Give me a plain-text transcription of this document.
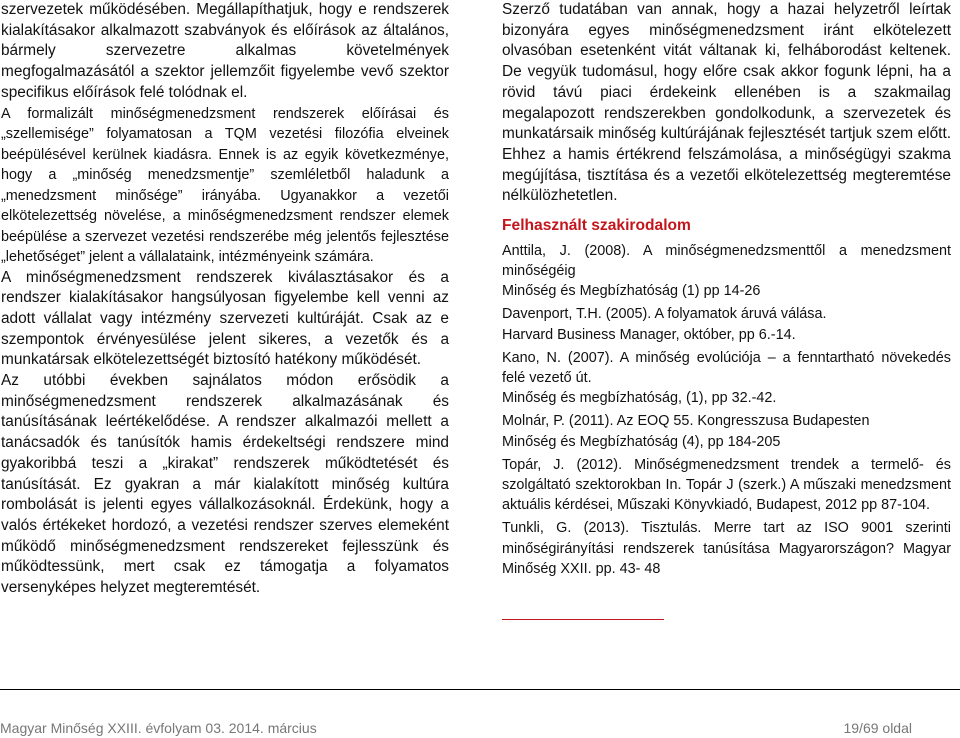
szervezetek működésében. Megállapíthatjuk, hogy e rendszerek kialakításakor alkalmazott szabványok és előírások az általános, bármely szervezetre alkalmas követelmények megfogalmazásától a szektor jellemzőit figyelembe vevő szektor specifikus előírások felé tolódnak el.

A formalizált minőségmenedzsment rendszerek előírásai és „szellemisége” folyamatosan a TQM vezetési filozófia elveinek beépülésével kerülnek kiadásra. Ennek is az egyik következménye, hogy a „minőség menedzsmentje” szemléletből haladunk a „menedzsment minősége” irányába. Ugyanakkor a vezetői elkötelezettség növelése, a minőségmenedzsment rendszer elemek beépülése a szervezet vezetési rendszerébe még jelentős fejlesztése „lehetőséget” jelent a vállalataink, intézményeink számára.

A minőségmenedzsment rendszerek kiválasztásakor és a rendszer kialakításakor hangsúlyosan figyelembe kell venni az adott vállalat vagy intézmény szervezeti kultúráját. Csak az e szempontok érvényesülése jelent sikeres, a vezetők és a munkatársak elkötelezettségét biztosító hatékony működését.

Az utóbbi években sajnálatos módon erősödik a minőségmenedzsment rendszerek alkalmazásának és tanúsításának leértékelődése. A rendszer alkalmazói mellett a tanácsadók és tanúsítók hamis érdekeltségi rendszere mind gyakoribbá teszi a „kirakat” rendszerek működtetését és tanúsítását. Ez gyakran a már kialakított minőség kultúra rombolását is jelenti egyes vállalkozásoknál. Érdekünk, hogy a valós értékeket hordozó, a vezetési rendszer szerves elemeként működő minőségmenedzsment rendszereket fejlesszünk és működtessünk, mert csak ez támogatja a folyamatos versenyképes helyzet megteremtését.

Szerző tudatában van annak, hogy a hazai helyzetről leírtak bizonyára egyes minőségmenedzsment iránt elkötelezett olvasóban esetenként vitát váltanak ki, felháborodást keltenek. De vegyük tudomásul, hogy előre csak akkor fogunk lépni, ha a rövid távú piaci érdekeink ellenében is a szakmailag megalapozott rendszerekben gondolkodunk, a szervezetek és munkatársaik minőség kultúrájának fejlesztését tartjuk szem előtt. Ehhez a hamis értékrend felszámolása, a minőségügyi szakma megújítása, tisztítása és a vezetői elkötelezettség megteremtése nélkülözhetetlen.

Felhasznált szakirodalom

Anttila, J. (2008). A minőségmenedzsmenttől a menedzsment minőségéig
Minőség és Megbízhatóság (1) pp 14-26

Davenport, T.H. (2005). A folyamatok áruvá válása.
Harvard Business Manager, október, pp 6.-14.

Kano, N. (2007). A minőség evolúciója – a fenntartható növekedés felé vezető út.
Minőség és megbízhatóság, (1), pp 32.-42.

Molnár, P. (2011). Az EOQ 55. Kongresszusa Budapesten
Minőség és Megbízhatóság (4), pp 184-205

Topár, J. (2012). Minőségmenedzsment trendek a termelő- és szolgáltató szektorokban In. Topár J (szerk.) A műszaki menedzsment aktuális kérdései, Műszaki Könyvkiadó, Budapest, 2012 pp 87-104.

Tunkli, G. (2013). Tisztulás. Merre tart az ISO 9001 szerinti minőségirányítási rendszerek tanúsítása Magyarországon? Magyar Minőség XXII. pp. 43- 48

Magyar Minőség XXIII. évfolyam 03. 2014. március	19/69 oldal
